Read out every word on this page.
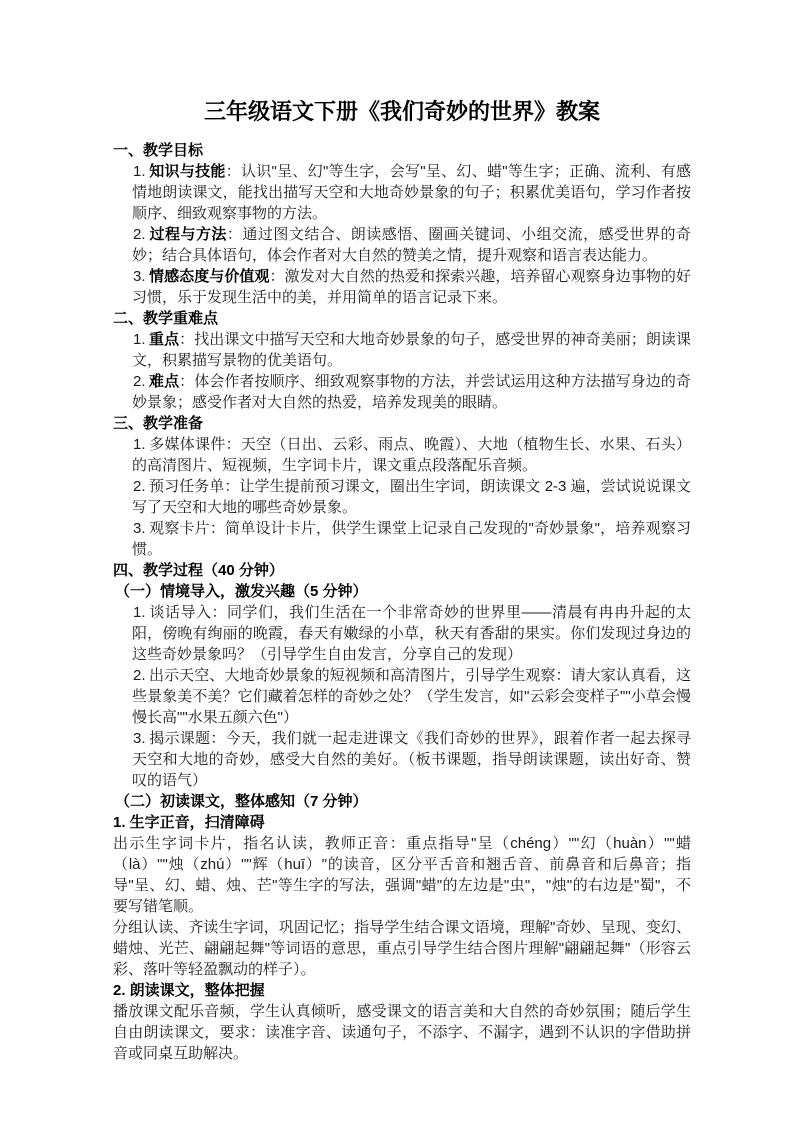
三年级语文下册《我们奇妙的世界》教案
一、教学目标
1. 知识与技能：认识"呈、幻"等生字，会写"呈、幻、蜡"等生字；正确、流利、有感情地朗读课文，能找出描写天空和大地奇妙景象的句子；积累优美语句，学习作者按顺序、细致观察事物的方法。
2. 过程与方法：通过图文结合、朗读感悟、圈画关键词、小组交流，感受世界的奇妙；结合具体语句，体会作者对大自然的赞美之情，提升观察和语言表达能力。
3. 情感态度与价值观：激发对大自然的热爱和探索兴趣，培养留心观察身边事物的好习惯，乐于发现生活中的美，并用简单的语言记录下来。
二、教学重难点
1. 重点：找出课文中描写天空和大地奇妙景象的句子，感受世界的神奇美丽；朗读课文，积累描写景物的优美语句。
2. 难点：体会作者按顺序、细致观察事物的方法，并尝试运用这种方法描写身边的奇妙景象；感受作者对大自然的热爱，培养发现美的眼睛。
三、教学准备
1. 多媒体课件：天空（日出、云彩、雨点、晚霞）、大地（植物生长、水果、石头）的高清图片、短视频，生字词卡片，课文重点段落配乐音频。
2. 预习任务单：让学生提前预习课文，圈出生字词，朗读课文 2-3 遍，尝试说说课文写了天空和大地的哪些奇妙景象。
3. 观察卡片：简单设计卡片，供学生课堂上记录自己发现的"奇妙景象"，培养观察习惯。
四、教学过程（40 分钟）
（一）情境导入，激发兴趣（5 分钟）
1. 谈话导入：同学们，我们生活在一个非常奇妙的世界里——清晨有冉冉升起的太阳，傍晚有绚丽的晚霞，春天有嫩绿的小草，秋天有香甜的果实。你们发现过身边的这些奇妙景象吗？（引导学生自由发言，分享自己的发现）
2. 出示天空、大地奇妙景象的短视频和高清图片，引导学生观察：请大家认真看，这些景象美不美？它们藏着怎样的奇妙之处？（学生发言，如"云彩会变样子""小草会慢慢长高""水果五颜六色"）
3. 揭示课题：今天，我们就一起走进课文《我们奇妙的世界》，跟着作者一起去探寻天空和大地的奇妙，感受大自然的美好。（板书课题，指导朗读课题，读出好奇、赞叹的语气）
（二）初读课文，整体感知（7 分钟）
1. 生字正音，扫清障碍

出示生字词卡片，指名认读，教师正音：重点指导"呈（chéng）""幻（huàn）""蜡（là）""烛（zhú）""辉（huī）"的读音，区分平舌音和翘舌音、前鼻音和后鼻音；指导"呈、幻、蜡、烛、芒"等生字的写法，强调"蜡"的左边是"虫"，"烛"的右边是"蜀"，不要写错笔顺。

分组认读、齐读生字词，巩固记忆；指导学生结合课文语境，理解"奇妙、呈现、变幻、蜡烛、光芒、翩翩起舞"等词语的意思，重点引导学生结合图片理解"翩翩起舞"（形容云彩、落叶等轻盈飘动的样子）。

2. 朗读课文，整体把握

播放课文配乐音频，学生认真倾听，感受课文的语言美和大自然的奇妙氛围；随后学生自由朗读课文，要求：读准字音、读通句子，不添字、不漏字，遇到不认识的字借助拼音或同桌互助解决。
